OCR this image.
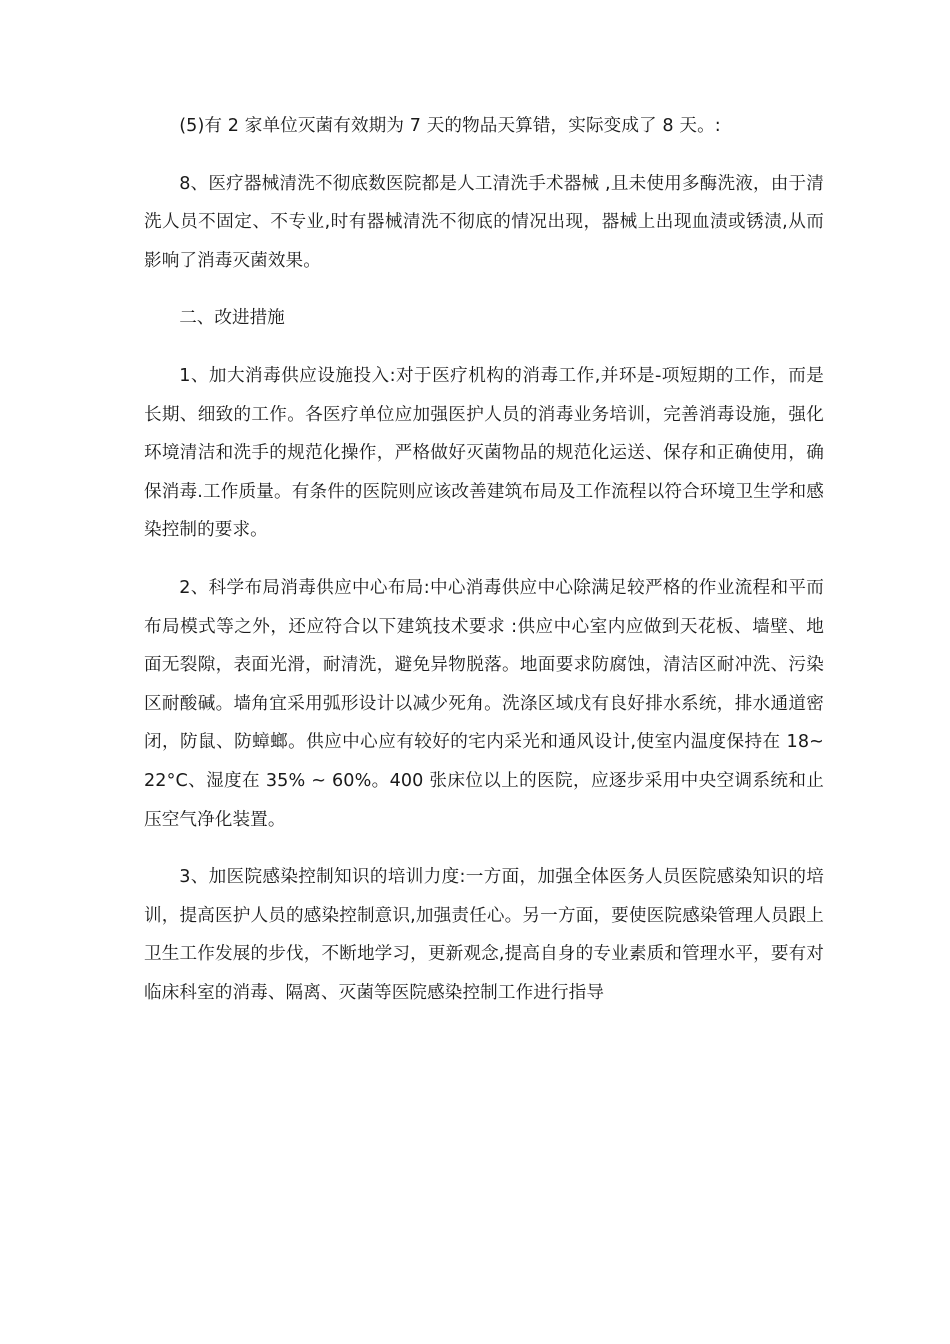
(5)有 2 家单位灭菌有效期为 7 天的物品天算错，实际变成了 8 天。:

8、医疗器械清洗不彻底数医院都是人工清洗手术器械 ,且未使用多酶洗液，由于清洗人员不固定、不专业,时有器械清洗不彻底的情况出现，器械上出现血渍或锈渍,从而影响了消毒灭菌效果。

二、改进措施

1、加大消毒供应设施投入:对于医疗机构的消毒工作,并环是-项短期的工作，而是长期、细致的工作。各医疗单位应加强医护人员的消毒业务培训，完善消毒设施，强化环境清洁和洗手的规范化操作，严格做好灭菌物品的规范化运送、保存和正确使用，确保消毒.工作质量。有条件的医院则应该改善建筑布局及工作流程以符合环境卫生学和感染控制的要求。

2、科学布局消毒供应中心布局:中心消毒供应中心除满足较严格的作业流程和平而布局模式等之外，还应符合以下建筑技术要求 :供应中心室内应做到天花板、墙壁、地面无裂隙，表面光滑，耐清洗，避免异物脱落。地面要求防腐蚀，清洁区耐冲洗、污染区耐酸碱。墙角宜采用弧形设计以减少死角。洗涤区域戊有良好排水系统，排水通道密闭，防鼠、防蟑螂。供应中心应有较好的宅内采光和通风设计,使室内温度保持在 18~ 22°C、湿度在 35% ~ 60%。400 张床位以上的医院，应逐步采用中央空调系统和止压空气净化装置。

3、加医院感染控制知识的培训力度:一方面，加强全体医务人员医院感染知识的培训，提高医护人员的感染控制意识,加强责任心。另一方面，要使医院感染管理人员跟上卫生工作发展的步伐，不断地学习，更新观念,提高自身的专业素质和管理水平，要有对临床科室的消毒、隔离、灭菌等医院感染控制工作进行指导
